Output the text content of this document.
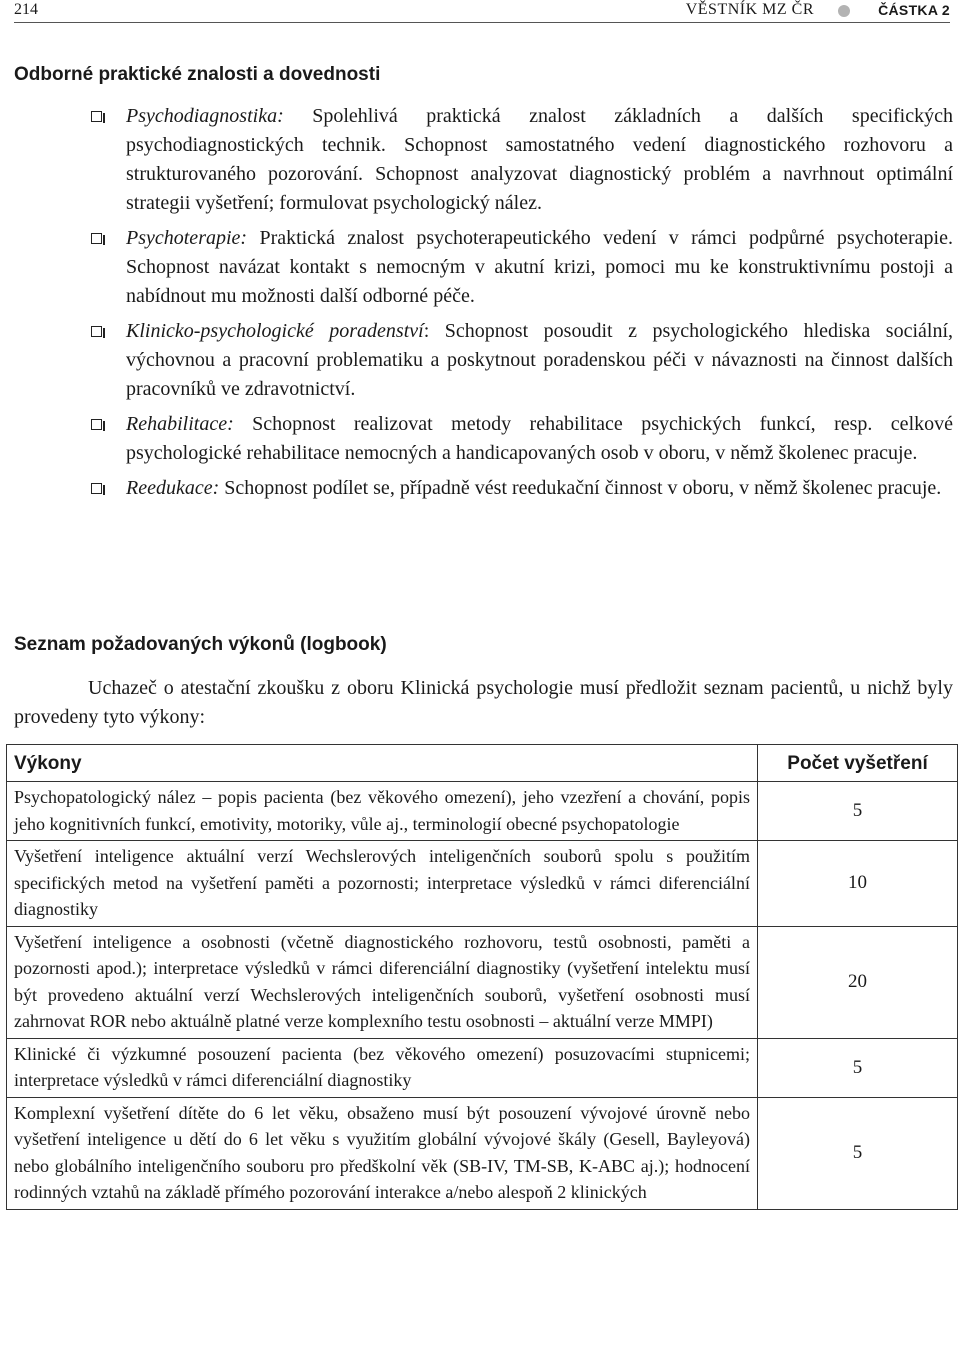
214	VĚSTNÍK MZ ČR	ČÁSTKA 2
Odborné praktické znalosti a dovednosti
Psychodiagnostika: Spolehlivá praktická znalost základních a dalších specifických psychodiagnostických technik. Schopnost samostatného vedení diagnostického rozhovoru a strukturovaného pozorování. Schopnost analyzovat diagnostický problém a navrhnout optimální strategii vyšetření; formulovat psychologický nález.
Psychoterapie: Praktická znalost psychoterapeutického vedení v rámci podpůrné psychoterapie. Schopnost navázat kontakt s nemocným v akutní krizi, pomoci mu ke konstruktivnímu postoji a nabídnout mu možnosti další odborné péče.
Klinicko-psychologické poradenství: Schopnost posoudit z psychologického hlediska sociální, výchovnou a pracovní problematiku a poskytnout poradenskou péči v návaznosti na činnost dalších pracovníků ve zdravotnictví.
Rehabilitace: Schopnost realizovat metody rehabilitace psychických funkcí, resp. celkové psychologické rehabilitace nemocných a handicapovaných osob v oboru, v němž školenec pracuje.
Reedukace: Schopnost podílet se, případně vést reedukační činnost v oboru, v němž školenec pracuje.
Seznam požadovaných výkonů (logbook)

Uchazeč o atestační zkoušku z oboru Klinická psychologie musí předložit seznam pacientů, u nichž byly provedeny tyto výkony:

Výkony	Počet vyšetření
Psychopatologický nález – popis pacienta (bez věkového omezení), jeho vzezření a chování, popis jeho kognitivních funkcí, emotivity, motoriky, vůle aj., terminologií obecné psychopatologie	5
Vyšetření inteligence aktuální verzí Wechslerových inteligenčních souborů spolu s použitím specifických metod na vyšetření paměti a pozornosti; interpretace výsledků v rámci diferenciální diagnostiky	10
Vyšetření inteligence a osobnosti (včetně diagnostického rozhovoru, testů osobnosti, paměti a pozornosti apod.); interpretace výsledků v rámci diferenciální diagnostiky (vyšetření intelektu musí být provedeno aktuální verzí Wechslerových inteligenčních souborů, vyšetření osobnosti musí zahrnovat ROR nebo aktuálně platné verze komplexního testu osobnosti – aktuální verze MMPI)	20
Klinické či výzkumné posouzení pacienta (bez věkového omezení) posuzovacími stupnicemi; interpretace výsledků v rámci diferenciální diagnostiky	5
Komplexní vyšetření dítěte do 6 let věku, obsaženo musí být posouzení vývojové úrovně nebo vyšetření inteligence u dětí do 6 let věku s využitím globální vývojové škály (Gesell, Bayleyová) nebo globálního inteligenčního souboru pro předškolní věk (SB-IV, TM-SB, K-ABC aj.); hodnocení rodinných vztahů na základě přímého pozorování interakce a/nebo alespoň 2 klinických	5
